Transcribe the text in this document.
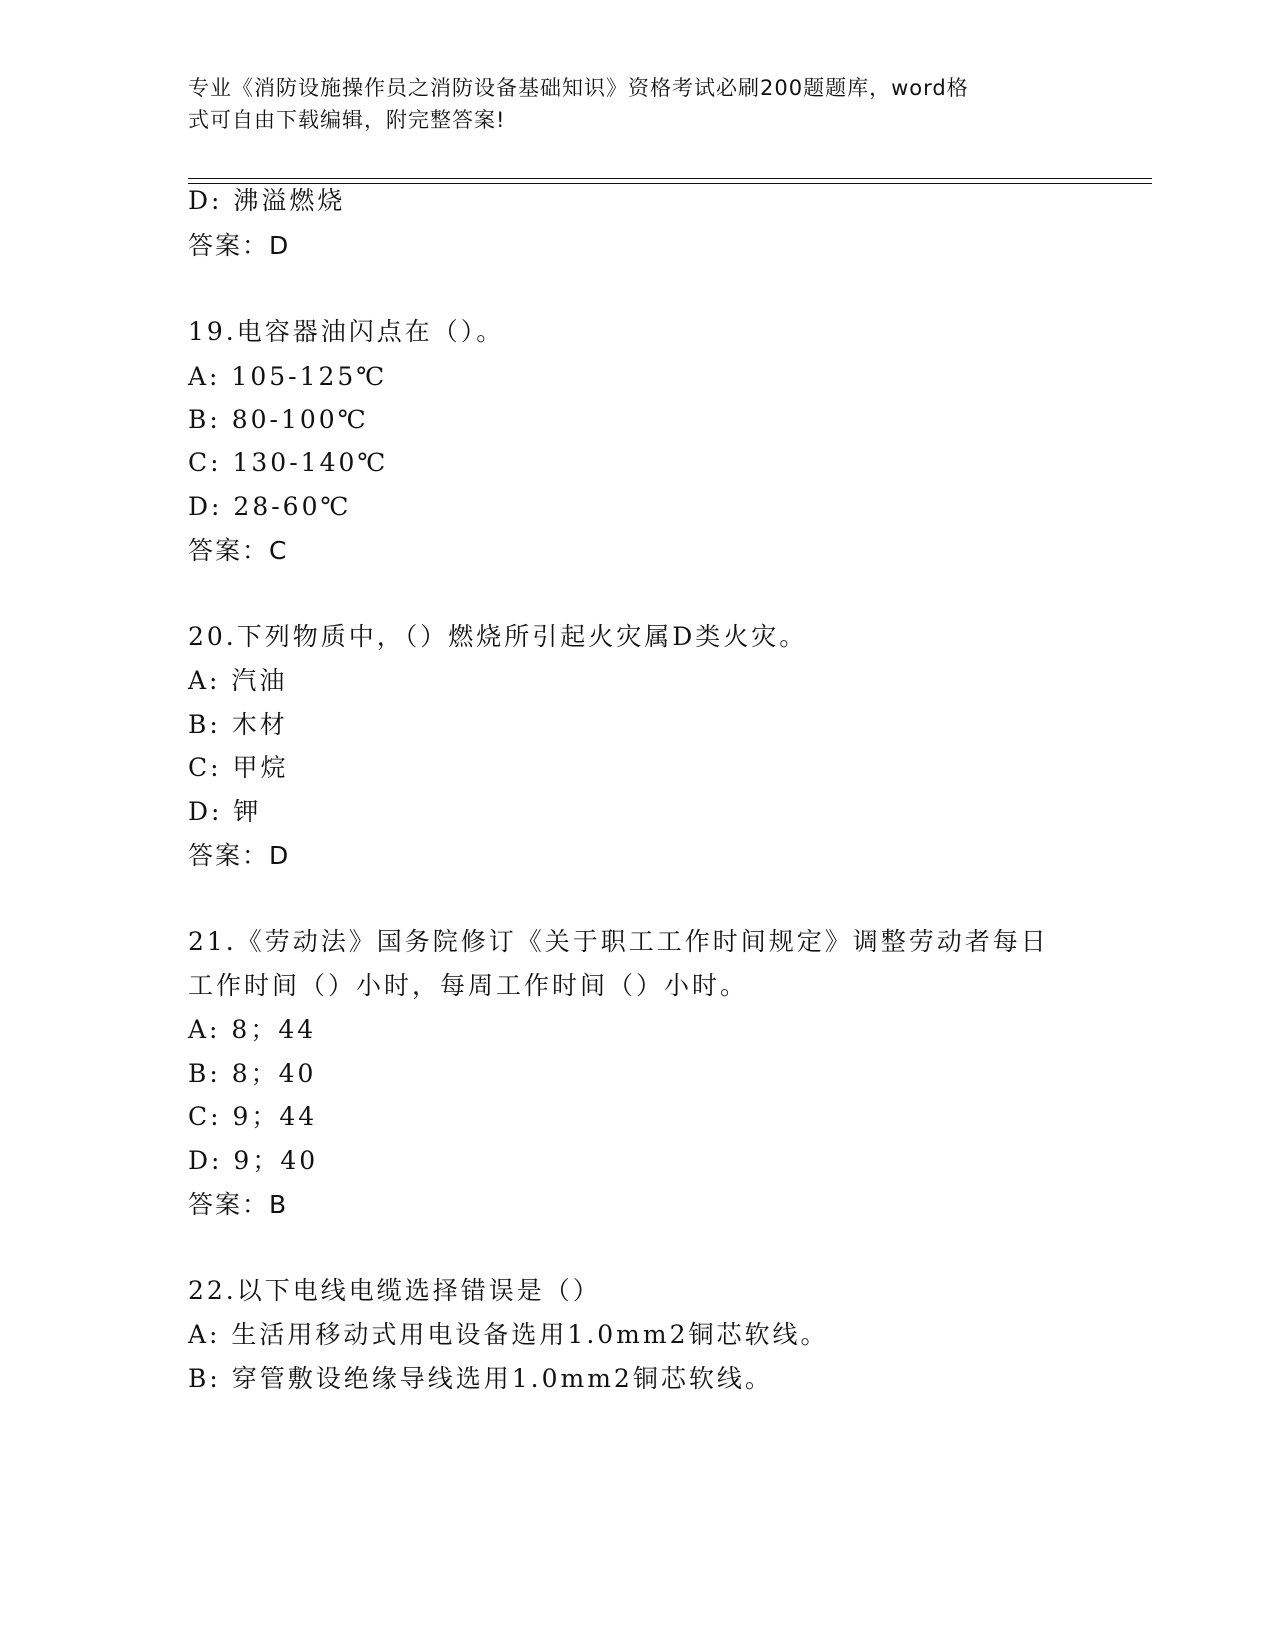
专业《消防设施操作员之消防设备基础知识》资格考试必刷200题题库，word格
式可自由下载编辑，附完整答案!
D: 沸溢燃烧
答案：D
19.电容器油闪点在（）。
A: 105-125℃
B: 80-100℃
C: 130-140℃
D: 28-60℃
答案：C
20.下列物质中，（）燃烧所引起火灾属D类火灾。
A: 汽油
B: 木材
C: 甲烷
D: 钾
答案：D
21.《劳动法》国务院修订《关于职工工作时间规定》调整劳动者每日
工作时间（）小时，每周工作时间（）小时。
A: 8；44
B: 8；40
C: 9；44
D: 9；40
答案：B
22.以下电线电缆选择错误是（）
A: 生活用移动式用电设备选用1.0mm2铜芯软线。
B: 穿管敷设绝缘导线选用1.0mm2铜芯软线。
